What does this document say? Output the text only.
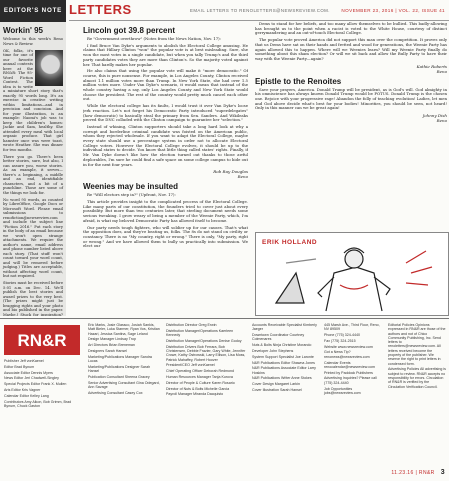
EDITOR'S NOTE LETTERS	EMAIL LETTERS TO RENOLETTERS@NEWSREVIEW.COM.	NOVEMBER 23, 2016 | VOL. 22, ISSUE 41
Workin' 95

Welcome to this week's Reno News & Review.

OK, folks, it's time for one of our favorite annual contests here at the RN&R: The 95-Word Fiction Contest. The idea is to write a miniature short story that's exactly 95 words long. It's an exercise in creative writing within limitations—and in precision and concision. And for your illustration, is an example: Naomi's job was to keep the children's homes: Jackie and Sam, healthy. She attended every meal with local organic produce. That girl hamster once was were toast, wrote Heather. She was dinner for two months.

There you go. There's been better stories, sure, but also, I can assure you, worse stories. As an example, it serves—there's a beginning, a middle and an end, identifiable characters, and a bit of a punchline. Those are some of the things we look for.

No word 95 words, as counted by LibreOffice, Google Docs or Microsoft Word. Please email submissions to renofiction@newsreview.com and include the subject line "Fiction 2016." Put each story in the body of an email because we won't open strange attachments. We require the author's name, email address and phone number listed above each story. (That stuff won't count toward your word count, and will be removed before judging.) Titles are acceptable, without affecting word count, but not required.

Stories must be received before 5:01 a.m. on Dec. 14. We'll publish the best stories and award prizes to the very best. (The prizes might just be bragging rights and your photo and bio published in the paper. Maybe.) Stuck for inspiration?

Lincoln got 39.8 percent

Re "Government overthrow" (Notes from the News Nation, Nov. 17):

I find Bruce Van Dyke's arguments to abolish the Electoral College amusing. He claims that Hillary Clinton "won" the popular vote is at best misleading. Sure, she won the most votes in a single candidate, but when you tally Trump's and the third party candidates votes they are more than Clinton's. So the majority voted against her. That hardly makes her popular.

He also claims that using the popular vote will make it "more democratic." Of course, this is pure nonsense. For example, in Los Angeles County, Clinton received almost 1.1 million votes more than Trump. In New York State, she had over 1.5 million votes more. Under Van Dyke's scenario, it would mean that instead of the whole country having a say, only Los Angeles County and New York State would choose the president. The rest of the country would pretty much cancel each other out.

While the electoral college has its faults, I would trust it over Van Dyke's loose jerk reaction. Let's not forget his Democratic Party introduced "superdelegates" (how democratic) to basically steal the primary from Sen. Sanders. And Wikileaks proved the DNC colluded with the Clinton campaign to guarantee her "selection."

Instead of whining, Clinton supporters should take a long hard look at why a corrupt and borderline criminal candidate was foisted on the American public, whom they rejected wholesale. If you want to adapt the Electoral College, maybe every state should use a percentage system in order not to allocate Electoral College voters. However the Electoral College evolves, it should be up to the individual states to decide. You know that little thing called states' rights. Finally, if Mr. Van Dyke doesn't like how the election turned out thanks to those awful deplorables, I'm sure he could find a safe space on some college campus to hide out in for the next four years.

Rob Ray Douglas
Reno
Weenies may be insulted

Re "Will electors step in?" (Upfront, Nov. 17):

This article provides insight to the complicated process of the Electoral College. Like many parts of our constitution, the founders tried to cover just about every possibility. But more than two centuries later, that sterling document needs some serious tweaking. I grow weary of being a member of the Weenie Party, which, I'm afraid, is what my beloved Democratic Party has allowed itself to become.

Our party needs tough fighters, who will soldier up for our causes. That's what the opposition does, and they're beating us, folks. The 8s do not stand on civility or constancy. There is no "My country, right or wrong." There is only, "My party, right or wrong." And we have allowed them to bully us practically into submission. We elect our

Dems to stand for her beliefs, and too many allow themselves to be bullied. This badly-allowing has brought us to the point when a racist is voted to the White House, courtesy of distinct gerrymandering and an out-of-touch Electoral College.

The popular vote proved America did not support this man over the competition. It proves only that us Dems have sat on their hands and fretted and wood for generations, the Weenie Party has again allowed this to happen. Where will we Weenies learn? Will my Weenie Party finally do something about this sham election? Or will we sit back and allow the Bully Party to have their way with the Weenie Party—again?

Kathie Roberts
Reno
Epistle to the Renoites

Save your prayers, America. Donald Trump will be president, as is God's will. God almighty in his omniscience has always known Donald Trump would be POTUS. Donald Trump is the chosen one. Rejoice with your progressive rage! Abandon the folly of teaching evolution! Ladies, let men and God above decide what's best for your bodies! Minorities, you should be seen, not heard! Only in this manner can we be great again!

Johnny Dish
Reno
ERIK HOLLAND
RN&R

Publisher Jeff vonKaenel

Editor Brad Bynum

Associate Editor Dennis Myers

News Editor Jeri Chadwell-Singley

Special Projects Editor Frank X. Mullen

Arts Editor Kris Vagner

Calendar Editor Kelley Lang

Contributors Amy Alkon, Bob Grimm, Brad Bynum, Chuck Gaston

Eric Marks, Josie Glassco, Josiah Sankis, Matt Bieler, Luka Starmer, Ryan Vos, Kristian Hazari, Jessica Santina, Sage Leland

Design Manager Lindsay Trop

Art Directors Brian Breneman

Designers Sarah Hansel

Marketing/Publications Manager Sandra Lucas

Marketing/Publications Designer Sarah Hansel

Publication Consultant Sheena Gracey

Senior Advertising Consultant Gina Odegard, Ann Savage

Advertising Consultant Casey Cox

Distribution Director Greg Erwin

Distribution Manager/Operations Kaerleen Kennedy

Distribution Manager/Operations Denise Godoy

Distribution Drivers Bob Ferrara, Bob Christensen, Debbie Frazier, Gary White, Jennifer Crowe, Kathy Ostrowski, Larry Ellison, Lisa Moss, Patrick Mahaffey, Robert Hoover

President/CEO Jeff vonKaenel

Chief Operating Officer Deborah Redmond

Human Resources Manager Tanja Kurova

Director of People & Culture Karen Rosario

Director of Nuts & Bolts Michelle Garcia

Payroll Manager Miranda Dacquisto

Accounts Receivable Specialist Kimberly Jaeger

Downtown Coordinator Courtney Colmenares

Nuts & Bolts Ninja Christine Morando

Developer John Stephens

System Support Specialist Joe Laronte

N&R Publications Editor Shawna Jones

N&R Publications Associate Editor Larry Hoskins

N&R Publications Writer Anne Stokes

Cover Design Margaret Larkin

Cover Illustration Sarah Hansel

445 Marsh Ave., Third Floor, Reno, NV 89509

Phone (775) 324-4440

Fax (775) 324-2515

Website www.newsreview.com

Got a News Tip? renonews@newsreview.com

Calendar Events renocalendar@newsreview.com

Printed by Paddock Publishers

Advertising Inquiries? Please call (775) 324-4440

Job Opportunities jobs@newsreview.com

Editorial Policies Opinions expressed in RN&R are those of the authors and not of Chico Community Publishing, Inc. Send letters to renoletters@newsreview.com. All letters received become the property of the publisher. We reserve the right to print letters in condensed form.

Advertising Policies All advertising is subject to review. RN&R accepts no responsibility for errors. Circulation of RN&R is verified by the Circulation Verification Council.

11.23.16 | RN&R 3
